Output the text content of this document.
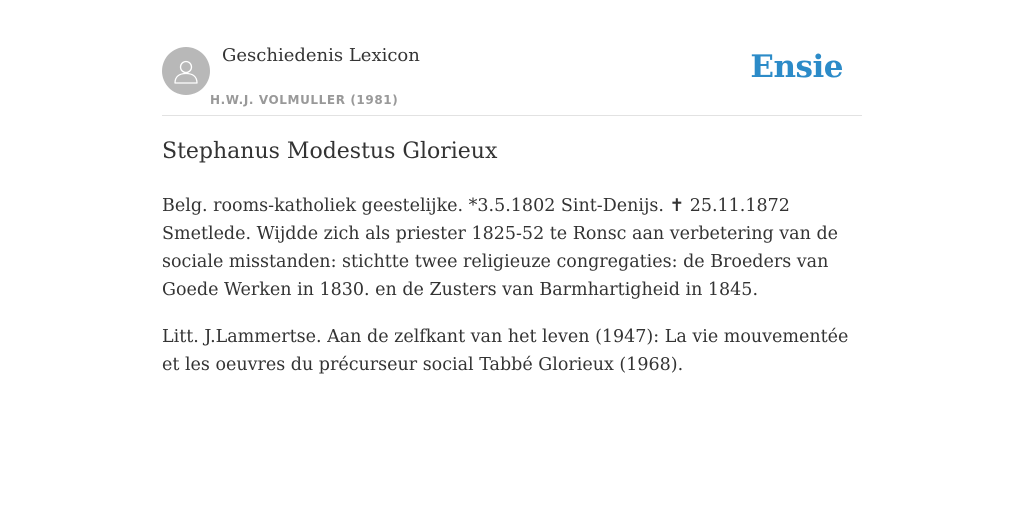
Geschiedenis Lexicon
H.W.J. VOLMULLER (1981)
Ensie
Stephanus Modestus Glorieux

Belg. rooms-katholiek geestelijke. *3.5.1802 Sint-Denijs. ✝ 25.11.1872 Smetlede. Wijdde zich als priester 1825-52 te Ronsc aan verbetering van de sociale misstanden: stichtte twee religieuze congregaties: de Broeders van Goede Werken in 1830. en de Zusters van Barmhartigheid in 1845.

Litt. J.Lammertse. Aan de zelfkant van het leven (1947): La vie mouvementée et les oeuvres du précurseur social Tabbé Glorieux (1968).
